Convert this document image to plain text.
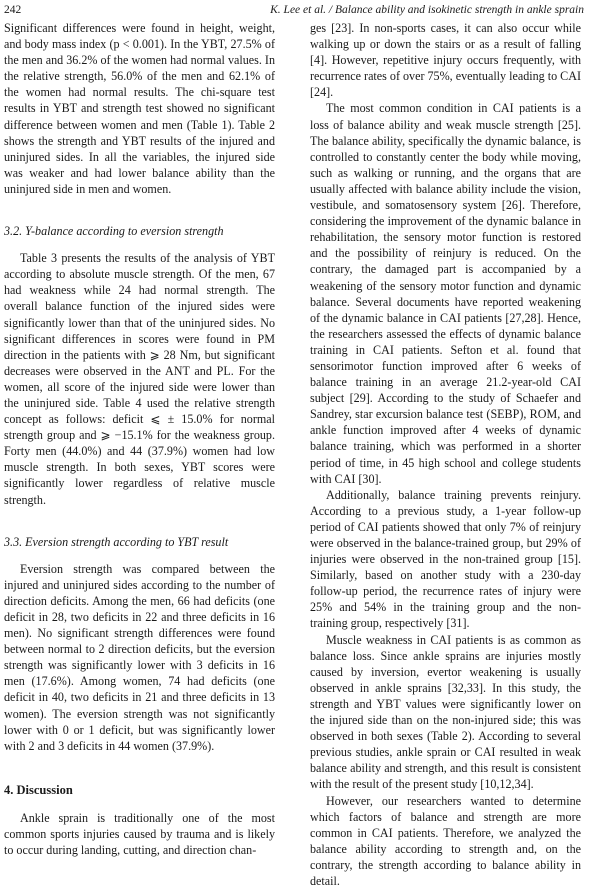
242	K. Lee et al. / Balance ability and isokinetic strength in ankle sprain

Significant differences were found in height, weight, and body mass index (p < 0.001). In the YBT, 27.5% of the men and 36.2% of the women had normal values. In the relative strength, 56.0% of the men and 62.1% of the women had normal results. The chi-square test results in YBT and strength test showed no significant difference between women and men (Table 1). Table 2 shows the strength and YBT results of the injured and uninjured sides. In all the variables, the injured side was weaker and had lower balance ability than the uninjured side in men and women.

3.2. Y-balance according to eversion strength

Table 3 presents the results of the analysis of YBT according to absolute muscle strength. Of the men, 67 had weakness while 24 had normal strength. The overall balance function of the injured sides were significantly lower than that of the uninjured sides. No significant differences in scores were found in PM direction in the patients with ⩾ 28 Nm, but significant decreases were observed in the ANT and PL. For the women, all score of the injured side were lower than the uninjured side. Table 4 used the relative strength concept as follows: deficit ⩽ ± 15.0% for normal strength group and ⩾ −15.1% for the weakness group. Forty men (44.0%) and 44 (37.9%) women had low muscle strength. In both sexes, YBT scores were significantly lower regardless of relative muscle strength.

3.3. Eversion strength according to YBT result

Eversion strength was compared between the injured and uninjured sides according to the number of direction deficits. Among the men, 66 had deficits (one deficit in 28, two deficits in 22 and three deficits in 16 men). No significant strength differences were found between normal to 2 direction deficits, but the eversion strength was significantly lower with 3 deficits in 16 men (17.6%). Among women, 74 had deficits (one deficit in 40, two deficits in 21 and three deficits in 13 women). The eversion strength was not significantly lower with 0 or 1 deficit, but was significantly lower with 2 and 3 deficits in 44 women (37.9%).

4. Discussion

Ankle sprain is traditionally one of the most common sports injuries caused by trauma and is likely to occur during landing, cutting, and direction chan-

ges [23]. In non-sports cases, it can also occur while walking up or down the stairs or as a result of falling [4]. However, repetitive injury occurs frequently, with recurrence rates of over 75%, eventually leading to CAI [24].

The most common condition in CAI patients is a loss of balance ability and weak muscle strength [25]. The balance ability, specifically the dynamic balance, is controlled to constantly center the body while moving, such as walking or running, and the organs that are usually affected with balance ability include the vision, vestibule, and somatosensory system [26]. Therefore, considering the improvement of the dynamic balance in rehabilitation, the sensory motor function is restored and the possibility of reinjury is reduced. On the contrary, the damaged part is accompanied by a weakening of the sensory motor function and dynamic balance. Several documents have reported weakening of the dynamic balance in CAI patients [27,28]. Hence, the researchers assessed the effects of dynamic balance training in CAI patients. Sefton et al. found that sensorimotor function improved after 6 weeks of balance training in an average 21.2-year-old CAI subject [29]. According to the study of Schaefer and Sandrey, star excursion balance test (SEBP), ROM, and ankle function improved after 4 weeks of dynamic balance training, which was performed in a shorter period of time, in 45 high school and college students with CAI [30].

Additionally, balance training prevents reinjury. According to a previous study, a 1-year follow-up period of CAI patients showed that only 7% of reinjury were observed in the balance-trained group, but 29% of injuries were observed in the non-trained group [15]. Similarly, based on another study with a 230-day follow-up period, the recurrence rates of injury were 25% and 54% in the training group and the non-training group, respectively [31].

Muscle weakness in CAI patients is as common as balance loss. Since ankle sprains are injuries mostly caused by inversion, evertor weakening is usually observed in ankle sprains [32,33]. In this study, the strength and YBT values were significantly lower on the injured side than on the non-injured side; this was observed in both sexes (Table 2). According to several previous studies, ankle sprain or CAI resulted in weak balance ability and strength, and this result is consistent with the result of the present study [10,12,34].

However, our researchers wanted to determine which factors of balance and strength are more common in CAI patients. Therefore, we analyzed the balance ability according to strength and, on the contrary, the strength according to balance ability in detail.
